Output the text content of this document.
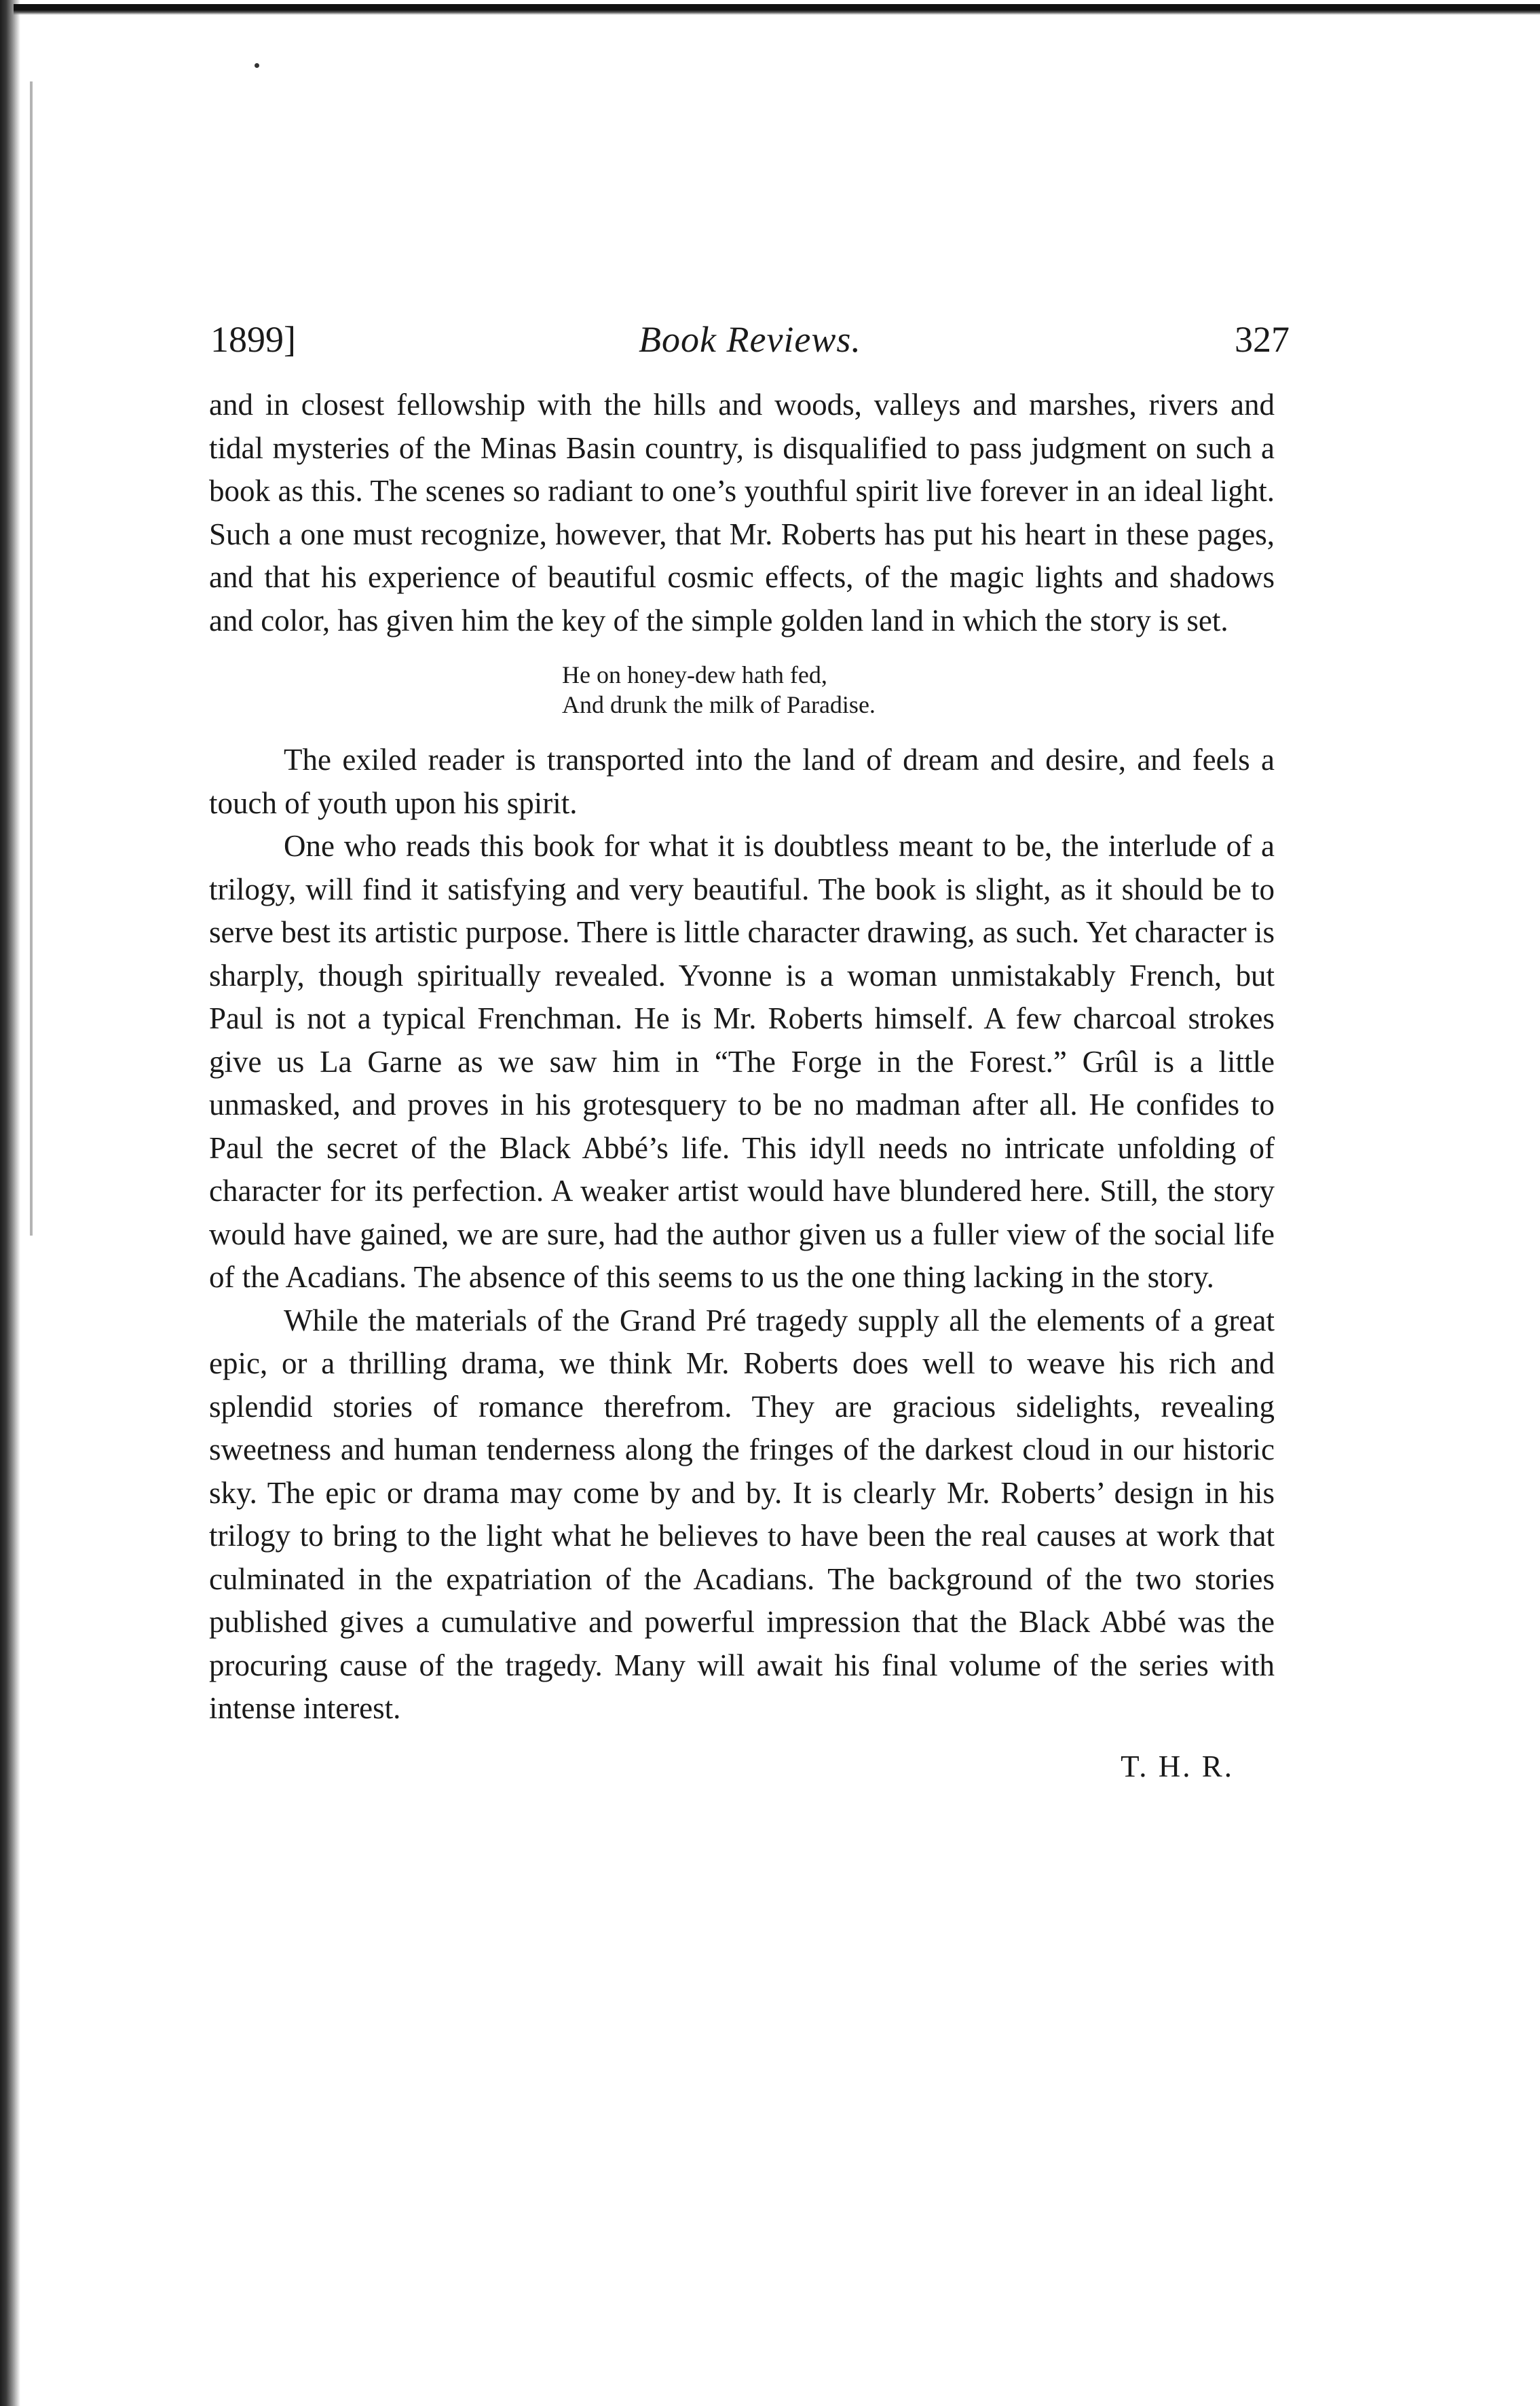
1899]	Book Reviews.	327

and in closest fellowship with the hills and woods, valleys and marshes, rivers and tidal mysteries of the Minas Basin country, is disqualified to pass judgment on such a book as this. The scenes so radiant to one’s youthful spirit live forever in an ideal light. Such a one must recognize, however, that Mr. Roberts has put his heart in these pages, and that his experience of beautiful cosmic effects, of the magic lights and shadows and color, has given him the key of the simple golden land in which the story is set.

He on honey-dew hath fed,
And drunk the milk of Paradise.

The exiled reader is transported into the land of dream and desire, and feels a touch of youth upon his spirit.

One who reads this book for what it is doubtless meant to be, the interlude of a trilogy, will find it satisfying and very beautiful. The book is slight, as it should be to serve best its artistic purpose. There is little character drawing, as such. Yet character is sharply, though spiritually revealed. Yvonne is a woman unmistakably French, but Paul is not a typical Frenchman. He is Mr. Roberts himself. A few charcoal strokes give us La Garne as we saw him in “The Forge in the Forest.” Grûl is a little unmasked, and proves in his grotesquery to be no madman after all. He confides to Paul the secret of the Black Abbé’s life. This idyll needs no intricate unfolding of character for its perfection. A weaker artist would have blundered here. Still, the story would have gained, we are sure, had the author given us a fuller view of the social life of the Acadians. The absence of this seems to us the one thing lacking in the story.

While the materials of the Grand Pré tragedy supply all the elements of a great epic, or a thrilling drama, we think Mr. Roberts does well to weave his rich and splendid stories of romance therefrom. They are gracious sidelights, revealing sweetness and human tenderness along the fringes of the darkest cloud in our historic sky. The epic or drama may come by and by. It is clearly Mr. Roberts’ design in his trilogy to bring to the light what he believes to have been the real causes at work that culminated in the expatriation of the Acadians. The background of the two stories published gives a cumulative and powerful impression that the Black Abbé was the procuring cause of the tragedy. Many will await his final volume of the series with intense interest.

T. H. R.
